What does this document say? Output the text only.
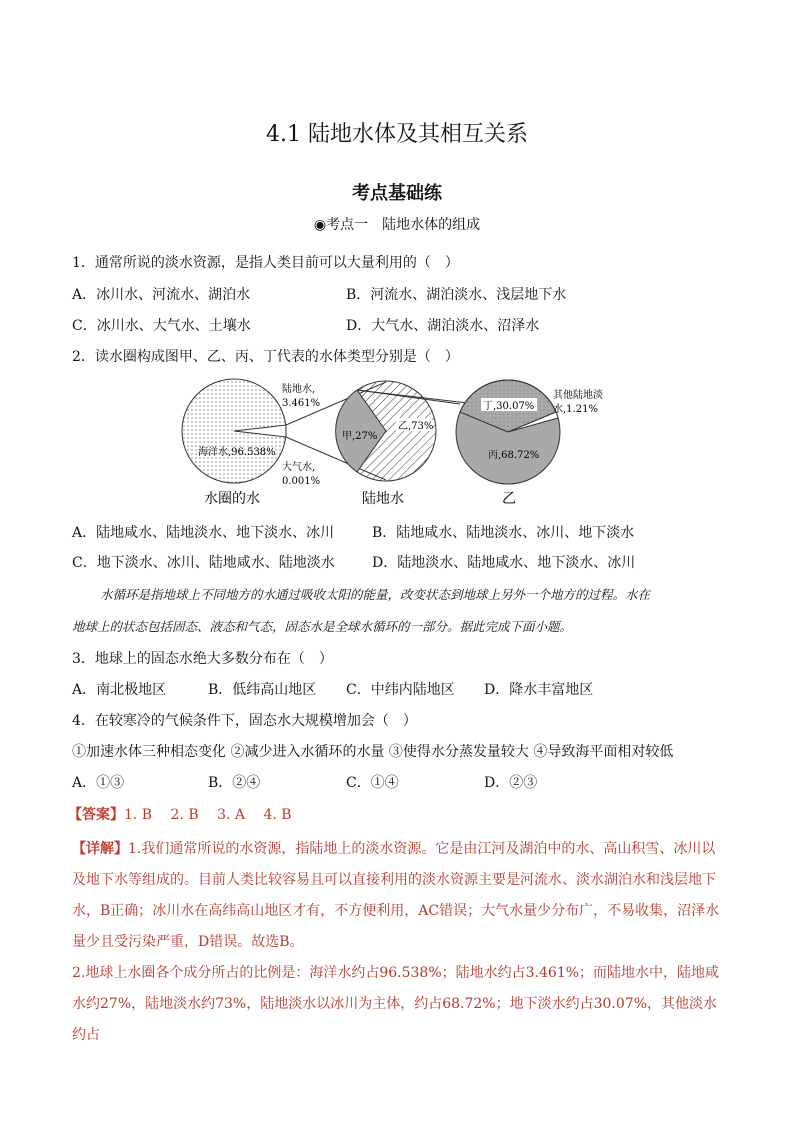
4.1 陆地水体及其相互关系
考点基础练
◉考点一　陆地水体的组成
1．通常所说的淡水资源，是指人类目前可以大量利用的（　）
A．冰川水、河流水、湖泊水	B．河流水、湖泊淡水、浅层地下水
C．冰川水、大气水、土壤水	D．大气水、湖泊淡水、沼泽水
2．读水圈构成图甲、乙、丙、丁代表的水体类型分别是（　）
海洋水,96.538%
陆地水,
3.461%
大气水,
0.001%
水圈的水
甲,27%
乙,73%
陆地水
丁,30.07%
丙,68.72%
其他陆地淡
水,1.21%
乙
A．陆地咸水、陆地淡水、地下淡水、冰川	B．陆地咸水、陆地淡水、冰川、地下淡水
C．地下淡水、冰川、陆地咸水、陆地淡水	D．陆地淡水、陆地咸水、地下淡水、冰川
水循环是指地球上不同地方的水通过吸收太阳的能量，改变状态到地球上另外一个地方的过程。水在
地球上的状态包括固态、液态和气态，固态水是全球水循环的一部分。据此完成下面小题。
3．地球上的固态水绝大多数分布在（　）
A．南北极地区	B．低纬高山地区 C．中纬内陆地区 D．降水丰富地区
4．在较寒冷的气候条件下，固态水大规模增加会（　）
①加速水体三种相态变化 ②减少进入水循环的水量 ③使得水分蒸发量较大 ④导致海平面相对较低
A．①③	B．②④	C．①④	D．②③
【答案】1. B　 2. B　 3. A　 4. B
【详解】1.我们通常所说的水资源，指陆地上的淡水资源。它是由江河及湖泊中的水、高山积雪、冰川以及地下水等组成的。目前人类比较容易且可以直接利用的淡水资源主要是河流水、淡水湖泊水和浅层地下水，B正确；冰川水在高纬高山地区才有，不方便利用，AC错误；大气水量少分布广，不易收集，沼泽水量少且受污染严重，D错误。故选B。
2.地球上水圈各个成分所占的比例是：海洋水约占96.538%；陆地水约占3.461%；而陆地水中，陆地咸水约27%，陆地淡水约73%，陆地淡水以冰川为主体，约占68.72%；地下淡水约占30.07%，其他淡水约占
